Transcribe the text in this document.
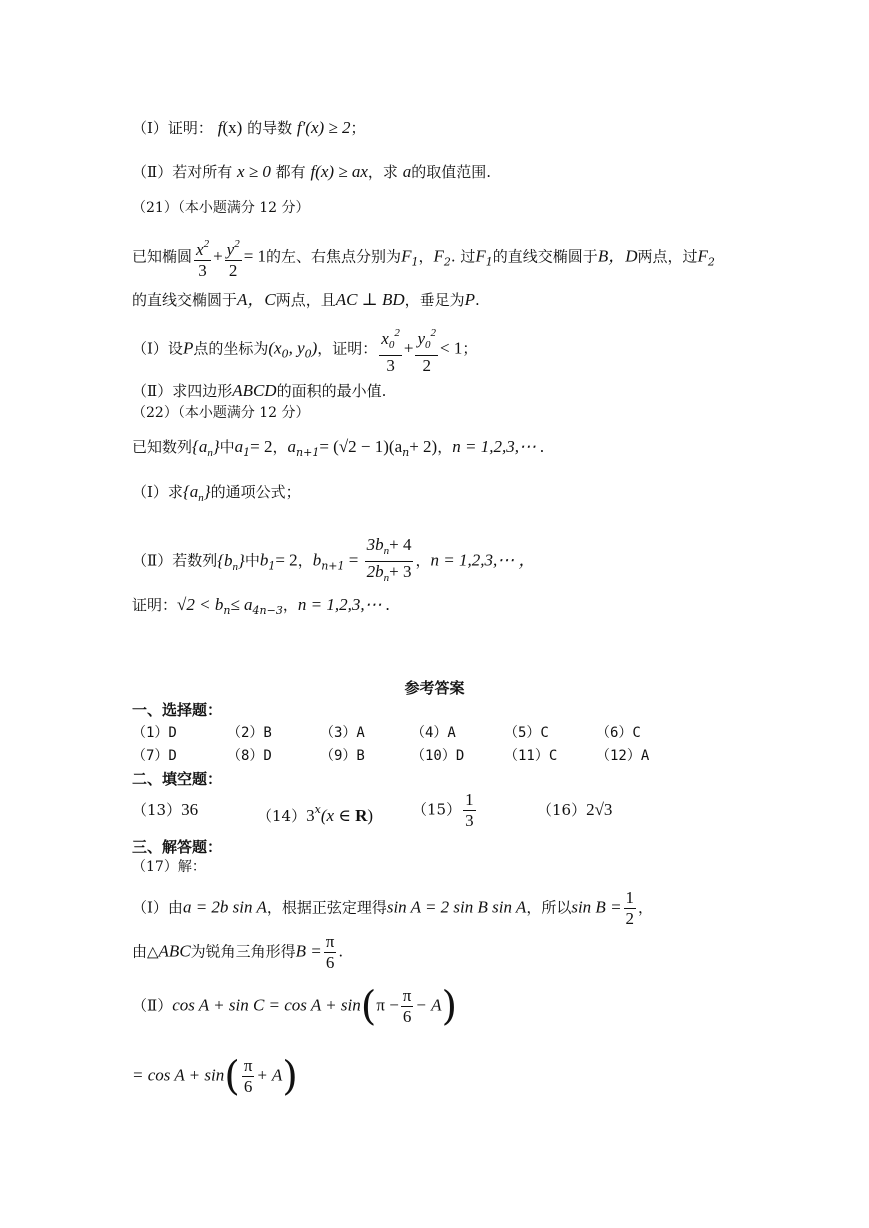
（Ⅰ）证明： f(x) 的导数 f′(x) ≥ 2；
（Ⅱ）若对所有 x ≥ 0 都有 f(x) ≥ ax，求 a的取值范围.
（21）（本小题满分 12 分）
已知椭圆 $\frac{x^2}{3} + \frac{y^2}{2} = 1$的左、右焦点分别为$F_1$，$F_2$. 过$F_1$的直线交椭圆于B，D两点，过$F_2$
的直线交椭圆于A，C两点，且AC ⊥ BD，垂足为P.
（Ⅰ）设P点的坐标为($x_0$, $y_0$)，证明： $\frac{x_0^2}{3} + \frac{y_0^2}{2} < 1$；
（Ⅱ）求四边形ABCD的面积的最小值.
（22）（本小题满分 12 分）
已知数列$\{a_n\}$中$a_1= 2$，$a_{n+1}= (√2 - 1)(a_n+ 2)$，n = 1,2,3,⋯ .
（Ⅰ）求$\{a_n\}$的通项公式；
（Ⅱ）若数列$\{b_n\}$中$b_1= 2$，$b_{n+1} = \frac{3b_n+ 4}{2b_n+ 3}$ ，n = 1,2,3,⋯ ，
证明：$√2 < b_n\le a_{4n-3}$，n = 1,2,3,⋯ .
参考答案
一、选择题：
（1）D	（2）B	（3）A	（4）A	（5）C	（6）C
（7）D	（8）D	（9）B	（10）D	（11）C	（12）A
二、填空题：
（13）36	（14）3$^x$(x ∈ R)	$(15) \frac{1}{3}$	（16）2√3
三、解答题：
（17）解：
（Ⅰ）由a = 2b sin A，根据正弦定理得sin A = 2 sin B sin A，所以$\sin B = \frac{1}{2}$ ，
由△ABC为锐角三角形得$B = \frac{\pi}{6}$ .
（Ⅱ）cos $A + \sin C = \cos A + \sin(\pi - \frac{\pi}{6} - A)$
= $\cos A + \sin( \frac{\pi}{6} + A)$
